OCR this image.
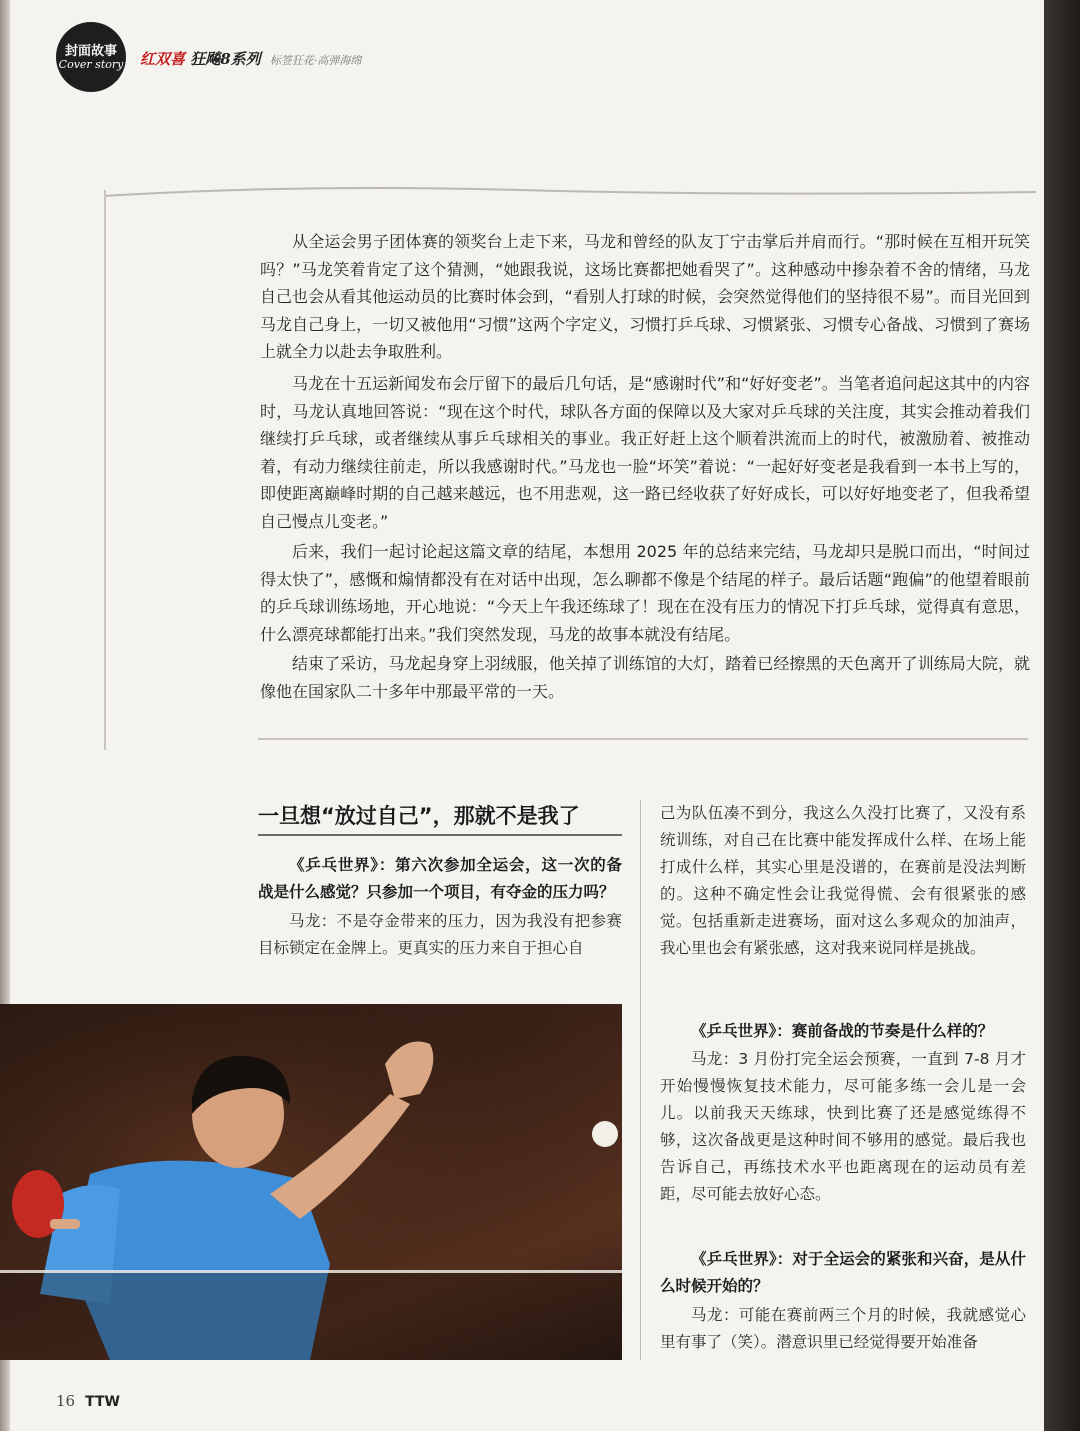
封面故事
Cover story 红双喜 狂飚8系列 标签狂花·高弹海绵

从全运会男子团体赛的领奖台上走下来，马龙和曾经的队友丁宁击掌后并肩而行。“那时候在互相开玩笑吗？”马龙笑着肯定了这个猜测，“她跟我说，这场比赛都把她看哭了”。这种感动中掺杂着不舍的情绪，马龙自己也会从看其他运动员的比赛时体会到，“看别人打球的时候，会突然觉得他们的坚持很不易”。而目光回到马龙自己身上，一切又被他用“习惯”这两个字定义，习惯打乒乓球、习惯紧张、习惯专心备战、习惯到了赛场上就全力以赴去争取胜利。

马龙在十五运新闻发布会厅留下的最后几句话，是“感谢时代”和“好好变老”。当笔者追问起这其中的内容时，马龙认真地回答说：“现在这个时代，球队各方面的保障以及大家对乒乓球的关注度，其实会推动着我们继续打乒乓球，或者继续从事乒乓球相关的事业。我正好赶上这个顺着洪流而上的时代，被激励着、被推动着，有动力继续往前走，所以我感谢时代。”马龙也一脸“坏笑”着说：“一起好好变老是我看到一本书上写的，即使距离巅峰时期的自己越来越远，也不用悲观，这一路已经收获了好好成长，可以好好地变老了，但我希望自己慢点儿变老。”

后来，我们一起讨论起这篇文章的结尾，本想用 2025 年的总结来完结，马龙却只是脱口而出，“时间过得太快了”，感慨和煽情都没有在对话中出现，怎么聊都不像是个结尾的样子。最后话题“跑偏”的他望着眼前的乒乓球训练场地，开心地说：“今天上午我还练球了！现在在没有压力的情况下打乒乓球，觉得真有意思，什么漂亮球都能打出来。”我们突然发现，马龙的故事本就没有结尾。

结束了采访，马龙起身穿上羽绒服，他关掉了训练馆的大灯，踏着已经擦黑的天色离开了训练局大院，就像他在国家队二十多年中那最平常的一天。

一旦想“放过自己”，那就不是我了

《乒乓世界》：第六次参加全运会，这一次的备战是什么感觉？只参加一个项目，有夺金的压力吗？

马龙：不是夺金带来的压力，因为我没有把参赛目标锁定在金牌上。更真实的压力来自于担心自

己为队伍凑不到分，我这么久没打比赛了，又没有系统训练，对自己在比赛中能发挥成什么样、在场上能打成什么样，其实心里是没谱的，在赛前是没法判断的。这种不确定性会让我觉得慌、会有很紧张的感觉。包括重新走进赛场，面对这么多观众的加油声，我心里也会有紧张感，这对我来说同样是挑战。

《乒乓世界》：赛前备战的节奏是什么样的？

马龙：3 月份打完全运会预赛，一直到 7-8 月才开始慢慢恢复技术能力，尽可能多练一会儿是一会儿。以前我天天练球，快到比赛了还是感觉练得不够，这次备战更是这种时间不够用的感觉。最后我也告诉自己，再练技术水平也距离现在的运动员有差距，尽可能去放好心态。

《乒乓世界》：对于全运会的紧张和兴奋，是从什么时候开始的？

马龙：可能在赛前两三个月的时候，我就感觉心里有事了（笑）。潜意识里已经觉得要开始准备

16 TTW
